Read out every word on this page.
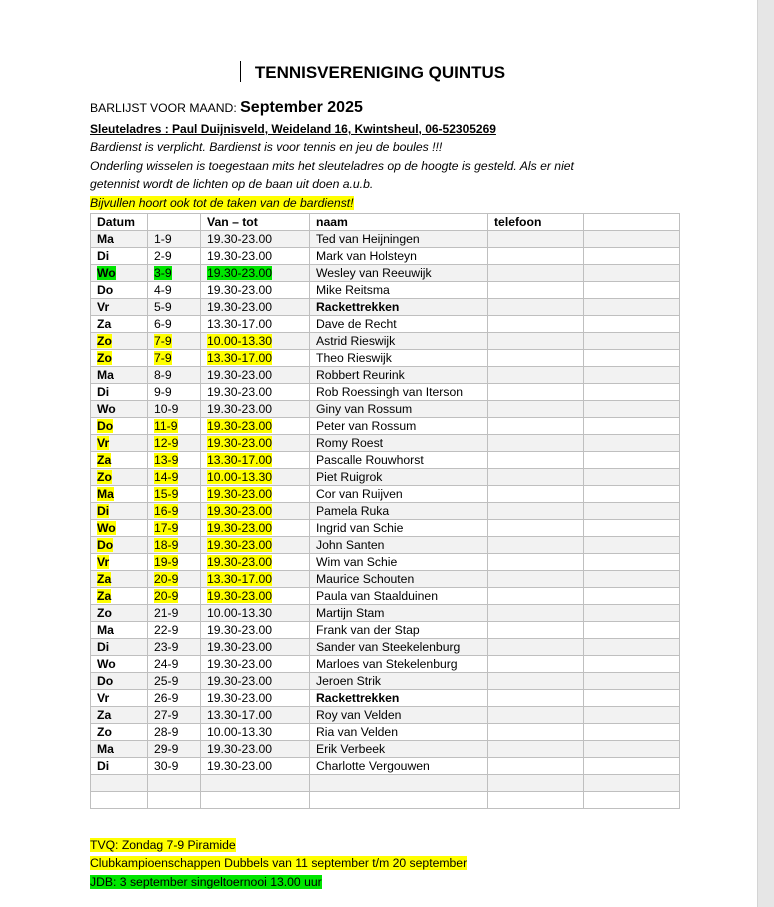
TENNISVERENIGING QUINTUS
BARLIJST VOOR MAAND: September 2025
Sleuteladres : Paul Duijnisveld, Weideland 16, Kwintsheul, 06-52305269
Bardienst is verplicht. Bardienst is voor tennis en jeu de boules !!!
Onderling wisselen is toegestaan mits het sleuteladres op de hoogte is gesteld. Als er niet
getennist wordt de lichten op de baan uit doen a.u.b.
Bijvullen hoort ook tot de taken van de bardienst!
Datum		Van – tot	naam	telefoon	
Ma	1-9	19.30-23.00	Ted van Heijningen		
Di	2-9	19.30-23.00	Mark van Holsteyn		
Wo	3-9	19.30-23.00	Wesley van Reeuwijk		
Do	4-9	19.30-23.00	Mike Reitsma		
Vr	5-9	19.30-23.00	Rackettrekken		
Za	6-9	13.30-17.00	Dave de Recht		
Zo	7-9	10.00-13.30	Astrid Rieswijk		
Zo	7-9	13.30-17.00	Theo Rieswijk		
Ma	8-9	19.30-23.00	Robbert Reurink		
Di	9-9	19.30-23.00	Rob Roessingh van Iterson		
Wo	10-9	19.30-23.00	Giny van Rossum		
Do	11-9	19.30-23.00	Peter van Rossum		
Vr	12-9	19.30-23.00	Romy Roest		
Za	13-9	13.30-17.00	Pascalle Rouwhorst		
Zo	14-9	10.00-13.30	Piet Ruigrok		
Ma	15-9	19.30-23.00	Cor van Ruijven		
Di	16-9	19.30-23.00	Pamela Ruka		
Wo	17-9	19.30-23.00	Ingrid van Schie		
Do	18-9	19.30-23.00	John Santen		
Vr	19-9	19.30-23.00	Wim van Schie		
Za	20-9	13.30-17.00	Maurice Schouten		
Za	20-9	19.30-23.00	Paula van Staalduinen		
Zo	21-9	10.00-13.30	Martijn Stam		
Ma	22-9	19.30-23.00	Frank van der Stap		
Di	23-9	19.30-23.00	Sander van Steekelenburg		
Wo	24-9	19.30-23.00	Marloes van Stekelenburg		
Do	25-9	19.30-23.00	Jeroen Strik		
Vr	26-9	19.30-23.00	Rackettrekken		
Za	27-9	13.30-17.00	Roy van Velden		
Zo	28-9	10.00-13.30	Ria van Velden		
Ma	29-9	19.30-23.00	Erik Verbeek		
Di	30-9	19.30-23.00	Charlotte Vergouwen		

TVQ: Zondag 7-9 Piramide
Clubkampioenschappen Dubbels van 11 september t/m 20 september
JDB: 3 september singeltoernooi 13.00 uur
